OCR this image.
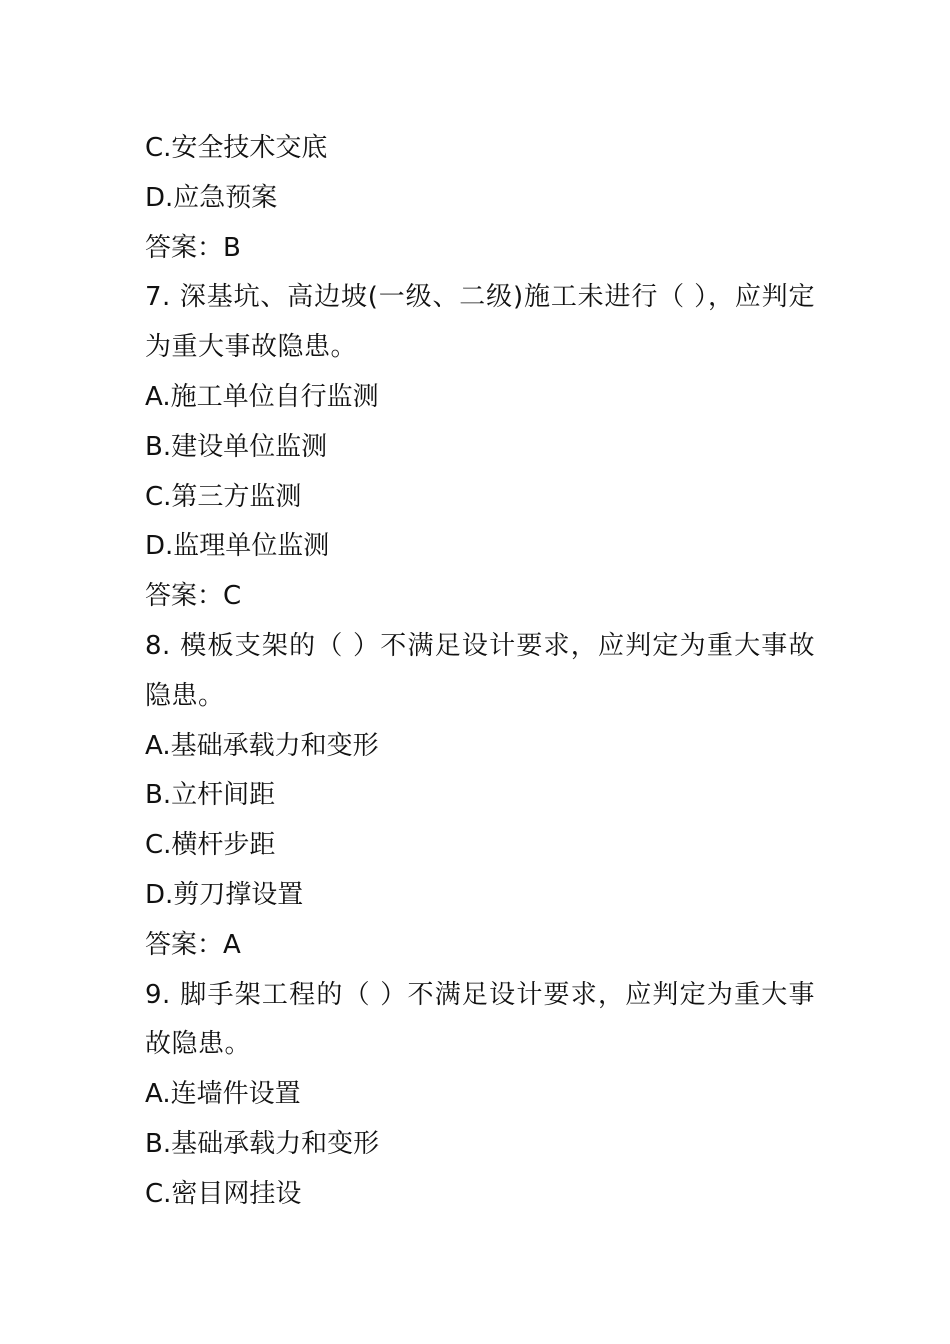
C.安全技术交底
D.应急预案
答案：B
7. 深基坑、高边坡(一级、二级)施工未进行（ ），应判定为重大事故隐患。
A.施工单位自行监测
B.建设单位监测
C.第三方监测
D.监理单位监测
答案：C
8. 模板支架的（ ）不满足设计要求，应判定为重大事故隐患。
A.基础承载力和变形
B.立杆间距
C.横杆步距
D.剪刀撑设置
答案：A
9. 脚手架工程的（ ）不满足设计要求，应判定为重大事故隐患。
A.连墙件设置
B.基础承载力和变形
C.密目网挂设
